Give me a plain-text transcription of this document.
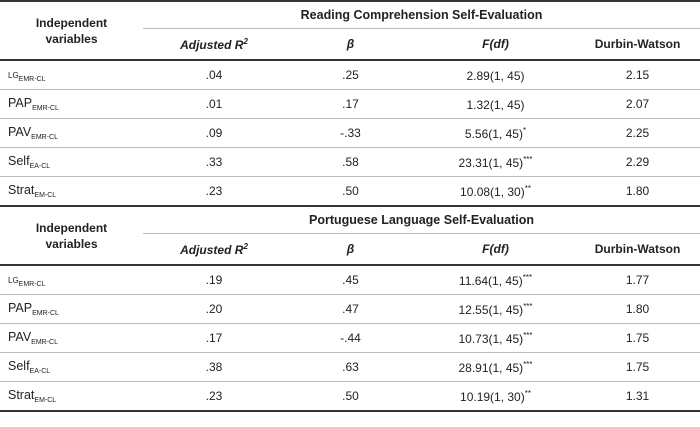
Independent variables	Reading Comprehension Self-Evaluation			
	Adjusted $R^2$	β	F(df)	Durbin-Watson
$LG_{EMR-CL}$	.04	.25	2.89(1, 45)	2.15
$PAP_{EMR-CL}$	.01	.17	1.32(1, 45)	2.07
$PAV_{EMR-CL}$	.09	-.33	5.56(1, 45)*	2.25
Self$_{EA-CL}$	.33	.58	23.31(1, 45)***	2.29
Strat$_{EM-CL}$	.23	.50	10.08(1, 30)**	1.80
Independent variables	Portuguese Language Self-Evaluation			
	Adjusted $R^2$	β	F(df)	Durbin-Watson
$LG_{EMR-CL}$	.19	.45	11.64(1, 45)***	1.77
$PAP_{EMR-CL}$	.20	.47	12.55(1, 45)***	1.80
$PAV_{EMR-CL}$	.17	-.44	10.73(1, 45)***	1.75
Self$_{EA-CL}$	.38	.63	28.91(1, 45)***	1.75
Strat$_{EM-CL}$	.23	.50	10.19(1, 30)**	1.31
